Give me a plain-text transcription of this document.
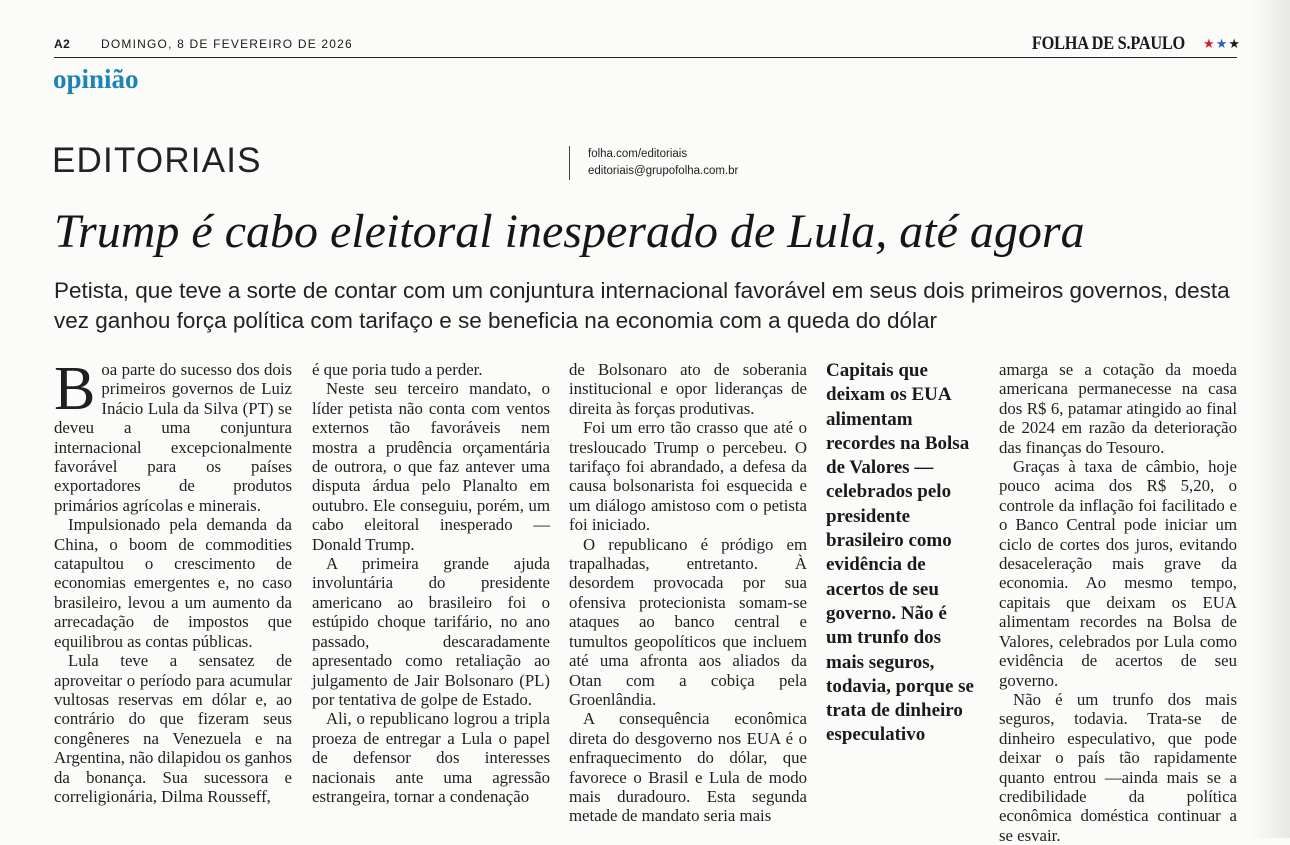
A2	DOMINGO, 8 DE FEVEREIRO DE 2026	FOLHA DE S.PAULO ★★★
opinião
EDITORIAIS	folha.com/editoriais
editoriais@grupofolha.com.br
Trump é cabo eleitoral inesperado de Lula, até agora
Petista, que teve a sorte de contar com um conjuntura internacional favorável em seus dois primeiros governos, desta vez ganhou força política com tarifaço e se beneficia na economia com a queda do dólar

Boa parte do sucesso dos dois primeiros governos de Luiz Inácio Lula da Silva (PT) se deveu a uma conjuntura internacional excepcionalmente favorável para os países exportadores de produtos primários agrícolas e minerais.

Impulsionado pela demanda da China, o boom de commodities catapultou o crescimento de economias emergentes e, no caso brasileiro, levou a um aumento da arrecadação de impostos que equilibrou as contas públicas.

Lula teve a sensatez de aproveitar o período para acumular vultosas reservas em dólar e, ao contrário do que fizeram seus congêneres na Venezuela e na Argentina, não dilapidou os ganhos da bonança. Sua sucessora e correligionária, Dilma Rousseff,

é que poria tudo a perder.

Neste seu terceiro mandato, o líder petista não conta com ventos externos tão favoráveis nem mostra a prudência orçamentária de outrora, o que faz antever uma disputa árdua pelo Planalto em outubro. Ele conseguiu, porém, um cabo eleitoral inesperado —Donald Trump.

A primeira grande ajuda involuntária do presidente americano ao brasileiro foi o estúpido choque tarifário, no ano passado, descaradamente apresentado como retaliação ao julgamento de Jair Bolsonaro (PL) por tentativa de golpe de Estado.

Ali, o republicano logrou a tripla proeza de entregar a Lula o papel de defensor dos interesses nacionais ante uma agressão estrangeira, tornar a condenação

de Bolsonaro ato de soberania institucional e opor lideranças de direita às forças produtivas.

Foi um erro tão crasso que até o tresloucado Trump o percebeu. O tarifaço foi abrandado, a defesa da causa bolsonarista foi esquecida e um diálogo amistoso com o petista foi iniciado.

O republicano é pródigo em trapalhadas, entretanto. À desordem provocada por sua ofensiva protecionista somam-se ataques ao banco central e tumultos geopolíticos que incluem até uma afronta aos aliados da Otan com a cobiça pela Groenlândia.

A consequência econômica direta do desgoverno nos EUA é o enfraquecimento do dólar, que favorece o Brasil e Lula de modo mais duradouro. Esta segunda metade de mandato seria mais

Capitais que deixam os EUA alimentam recordes na Bolsa de Valores —celebrados pelo presidente brasileiro como evidência de acertos de seu governo. Não é um trunfo dos mais seguros, todavia, porque se trata de dinheiro especulativo

amarga se a cotação da moeda americana permanecesse na casa dos R$ 6, patamar atingido ao final de 2024 em razão da deterioração das finanças do Tesouro.

Graças à taxa de câmbio, hoje pouco acima dos R$ 5,20, o controle da inflação foi facilitado e o Banco Central pode iniciar um ciclo de cortes dos juros, evitando desaceleração mais grave da economia. Ao mesmo tempo, capitais que deixam os EUA alimentam recordes na Bolsa de Valores, celebrados por Lula como evidência de acertos de seu governo.

Não é um trunfo dos mais seguros, todavia. Trata-se de dinheiro especulativo, que pode deixar o país tão rapidamente quanto entrou —ainda mais se a credibilidade da política econômica doméstica continuar a se esvair.
